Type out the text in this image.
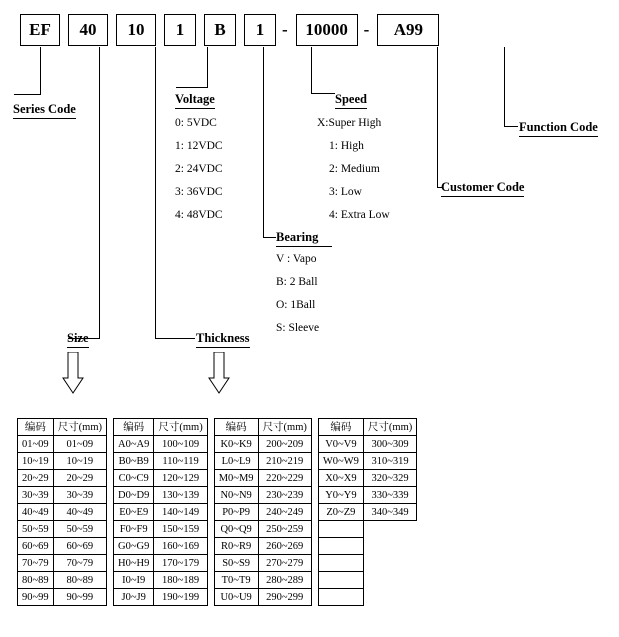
EF	40	10	1	B	1	-	10000 -	A99
Series Code
Voltage	Speed
Function Code
Customer Code
Bearing
Size	Thickness
0: 5VDC
1: 12VDC
2: 24VDC
3: 36VDC
4: 48VDC
X:Super High
1: High
2: Medium
3: Low
4: Extra Low
V : Vapo
B: 2 Ball
O: 1Ball
S: Sleeve
编码	尺寸(mm)
01~09	01~09
10~19	10~19
20~29	20~29
30~39	30~39
40~49	40~49
50~59	50~59
60~69	60~69
70~79	70~79
80~89	80~89
90~99	90~99
编码	尺寸(mm)
A0~A9	100~109
B0~B9	110~119
C0~C9	120~129
D0~D9	130~139
E0~E9	140~149
F0~F9	150~159
G0~G9	160~169
H0~H9	170~179
I0~I9	180~189
J0~J9	190~199
编码	尺寸(mm)
K0~K9	200~209
L0~L9	210~219
M0~M9	220~229
N0~N9	230~239
P0~P9	240~249
Q0~Q9	250~259
R0~R9	260~269
S0~S9	270~279
T0~T9	280~289
U0~U9	290~299
编码	尺寸(mm)
V0~V9	300~309
W0~W9	310~319
X0~X9	320~329
Y0~Y9	330~339
Z0~Z9	340~349
